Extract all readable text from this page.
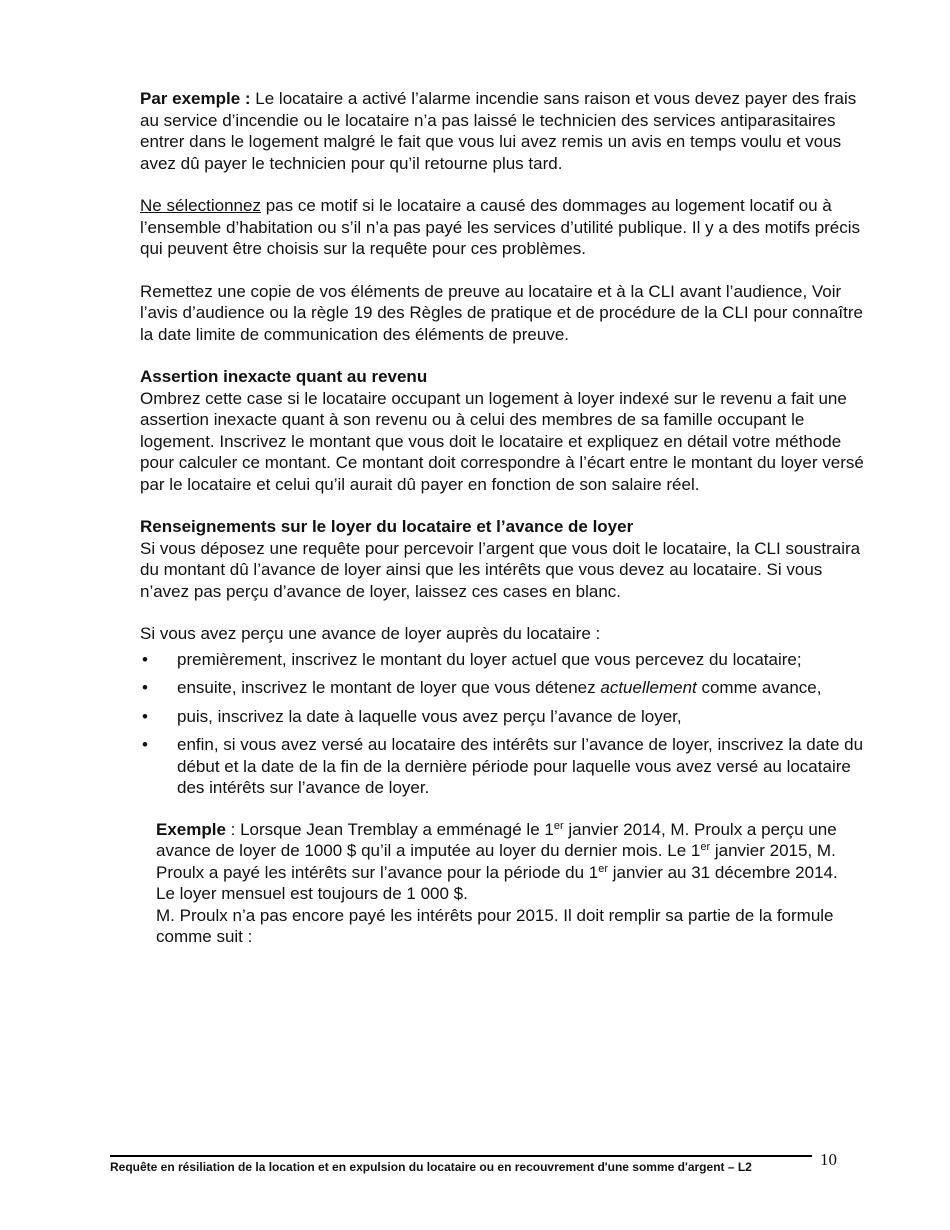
Par exemple : Le locataire a activé l’alarme incendie sans raison et vous devez payer des frais au service d’incendie ou le locataire n’a pas laissé le technicien des services antiparasitaires entrer dans le logement malgré le fait que vous lui avez remis un avis en temps voulu et vous avez dû payer le technicien pour qu’il retourne plus tard.

Ne sélectionnez pas ce motif si le locataire a causé des dommages au logement locatif ou à l’ensemble d’habitation ou s’il n’a pas payé les services d’utilité publique. Il y a des motifs précis qui peuvent être choisis sur la requête pour ces problèmes.

Remettez une copie de vos éléments de preuve au locataire et à la CLI avant l’audience, Voir l’avis d’audience ou la règle 19 des Règles de pratique et de procédure de la CLI pour connaître la date limite de communication des éléments de preuve.

Assertion inexacte quant au revenu

Ombrez cette case si le locataire occupant un logement à loyer indexé sur le revenu a fait une assertion inexacte quant à son revenu ou à celui des membres de sa famille occupant le logement. Inscrivez le montant que vous doit le locataire et expliquez en détail votre méthode pour calculer ce montant. Ce montant doit correspondre à l’écart entre le montant du loyer versé par le locataire et celui qu’il aurait dû payer en fonction de son salaire réel.

Renseignements sur le loyer du locataire et l’avance de loyer

Si vous déposez une requête pour percevoir l’argent que vous doit le locataire, la CLI soustraira du montant dû l’avance de loyer ainsi que les intérêts que vous devez au locataire. Si vous n’avez pas perçu d’avance de loyer, laissez ces cases en blanc.

Si vous avez perçu une avance de loyer auprès du locataire :

• premièrement, inscrivez le montant du loyer actuel que vous percevez du locataire;
• ensuite, inscrivez le montant de loyer que vous détenez actuellement comme avance,
• puis, inscrivez la date à laquelle vous avez perçu l’avance de loyer,
• enfin, si vous avez versé au locataire des intérêts sur l’avance de loyer, inscrivez la date du début et la date de la fin de la dernière période pour laquelle vous avez versé au locataire des intérêts sur l’avance de loyer.

Exemple : Lorsque Jean Tremblay a emménagé le 1er janvier 2014, M. Proulx a perçu une avance de loyer de 1000 $ qu’il a imputée au loyer du dernier mois. Le 1er janvier 2015, M. Proulx a payé les intérêts sur l’avance pour la période du 1er janvier au 31 décembre 2014. Le loyer mensuel est toujours de 1 000 $.

M. Proulx n’a pas encore payé les intérêts pour 2015. Il doit remplir sa partie de la formule comme suit :

Requête en résiliation de la location et en expulsion du locataire ou en recouvrement d'une somme d'argent – L2	10
